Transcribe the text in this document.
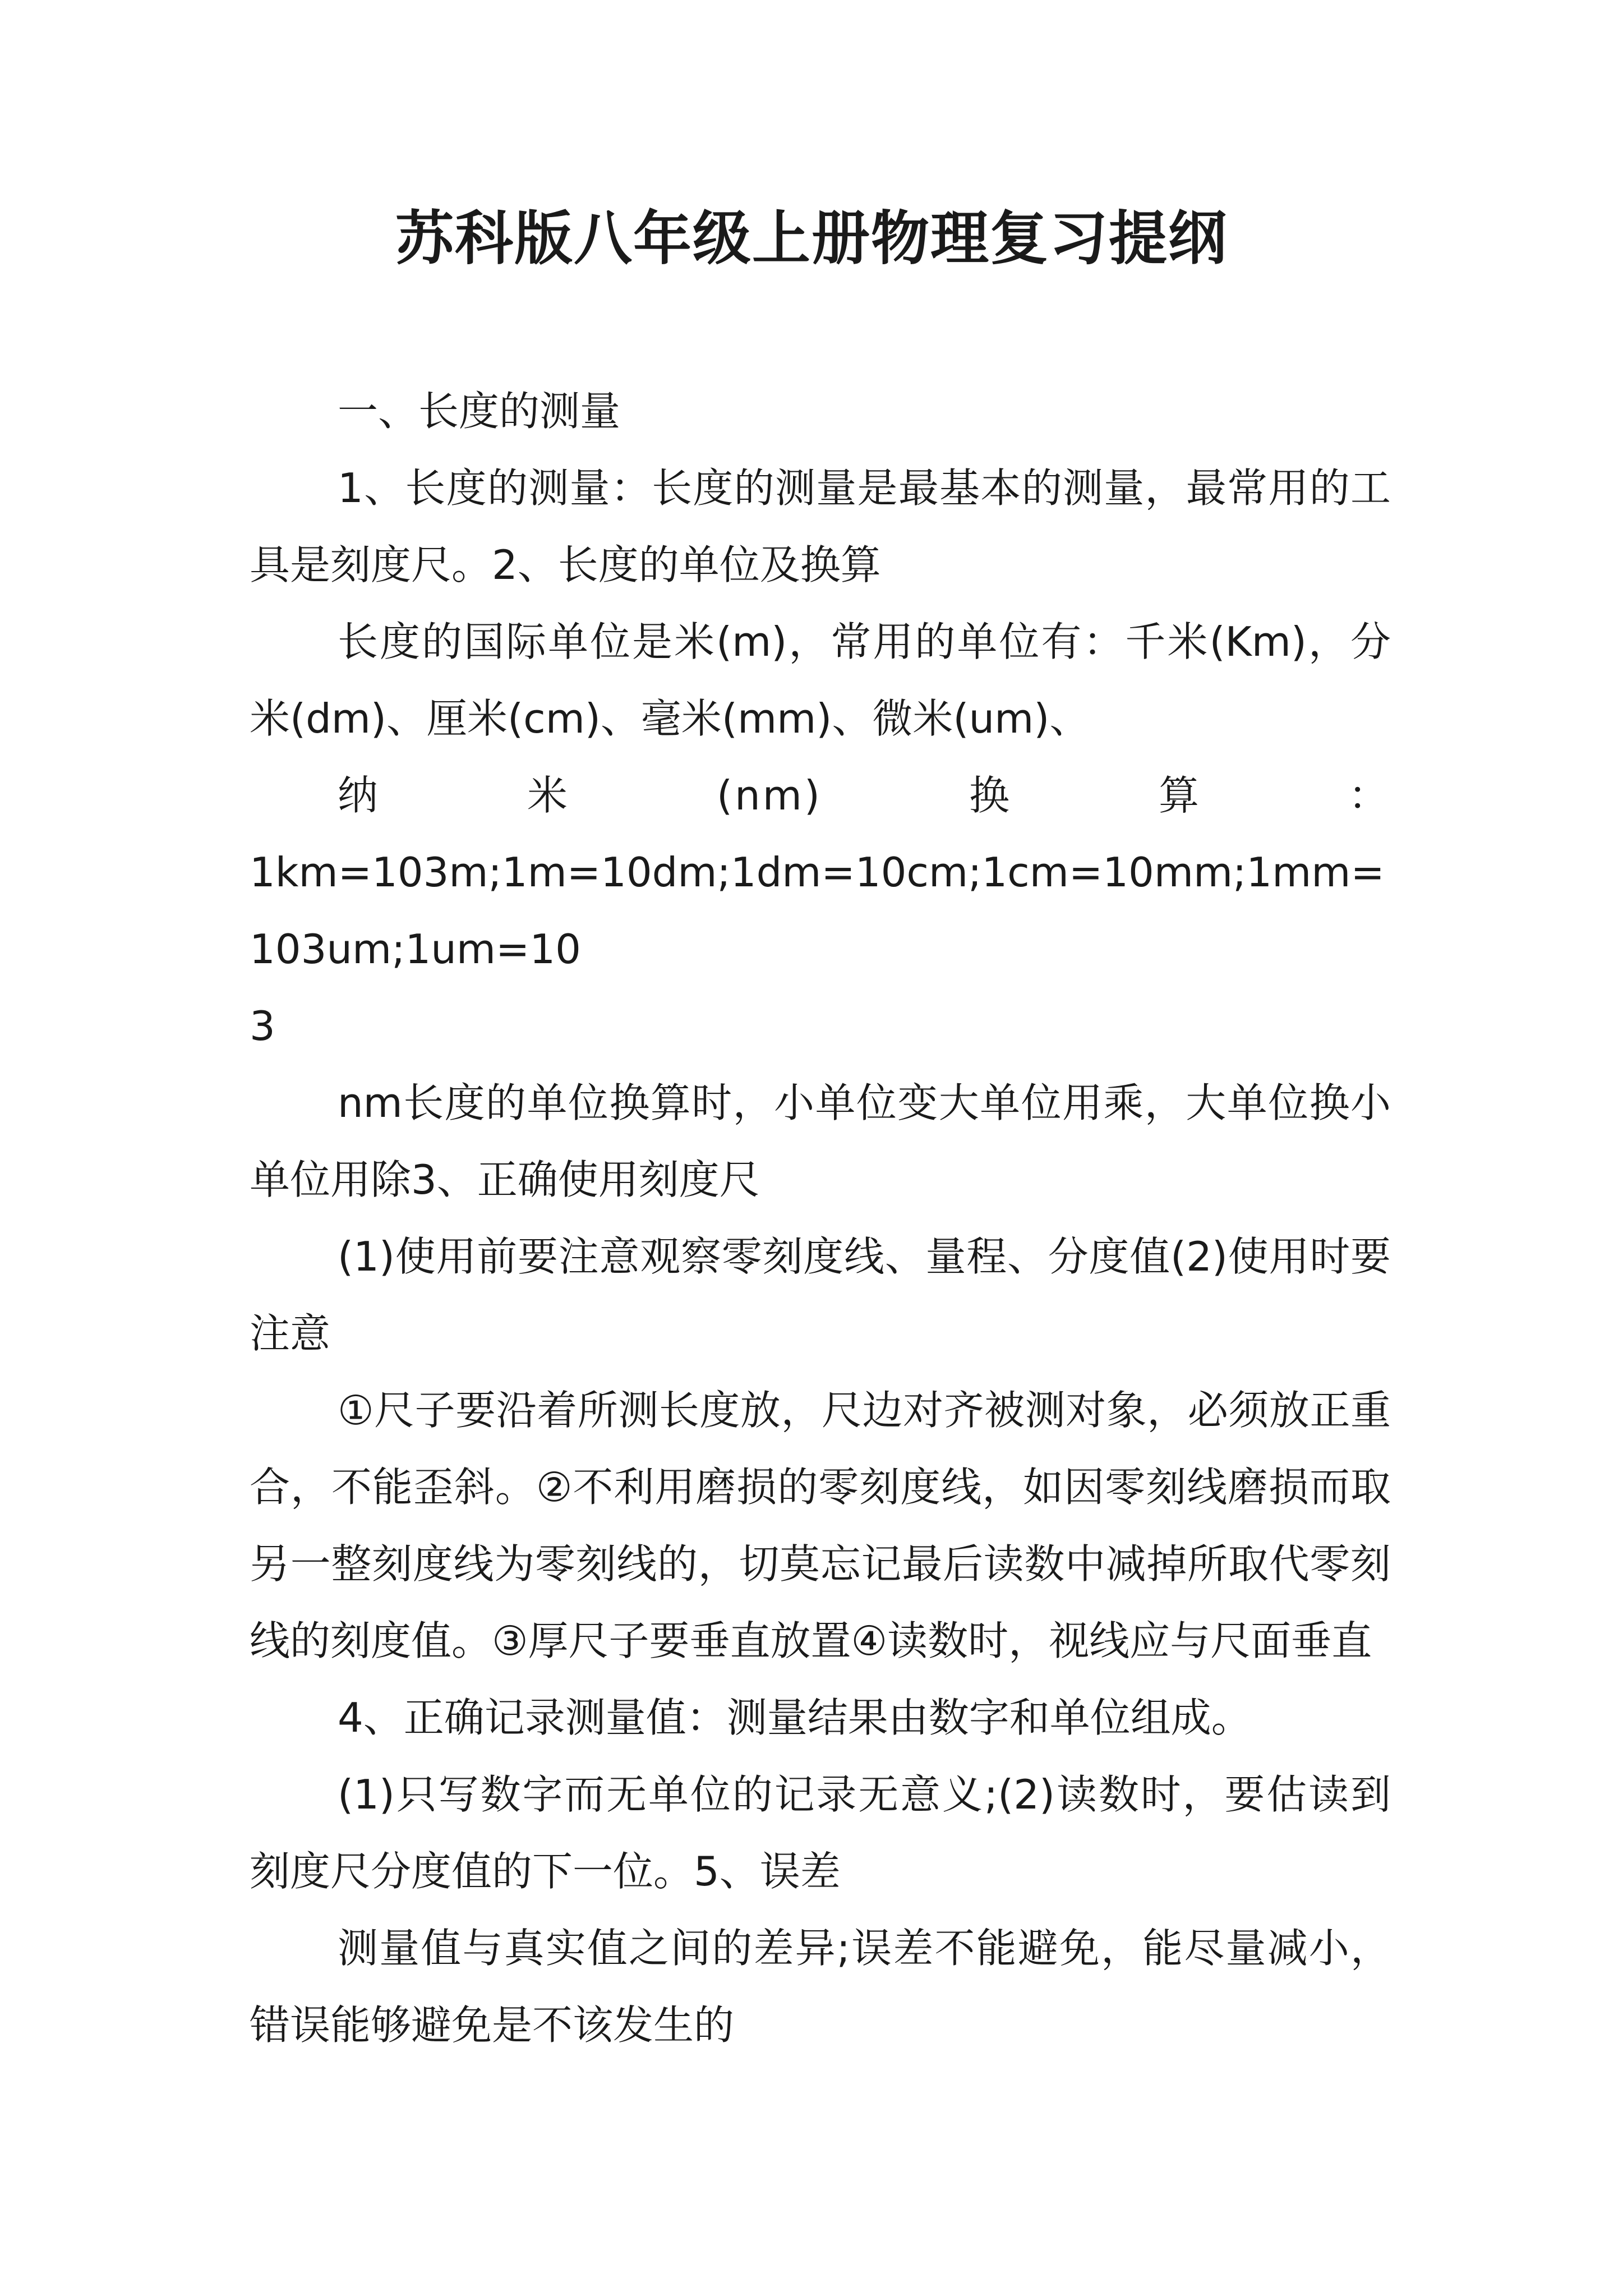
苏科版八年级上册物理复习提纲

一、长度的测量

1、长度的测量：长度的测量是最基本的测量，最常用的工具是刻度尺。2、长度的单位及换算

长度的国际单位是米(m)，常用的单位有：千米(Km)，分米(dm)、厘米(cm)、毫米(mm)、微米(um)、

纳　　米　　(nm)　　换　　算　　：

1km=103m;1m=10dm;1dm=10cm;1cm=10mm;1mm=103um;1um=10

3

nm长度的单位换算时，小单位变大单位用乘，大单位换小单位用除3、正确使用刻度尺

(1)使用前要注意观察零刻度线、量程、分度值(2)使用时要注意

①尺子要沿着所测长度放，尺边对齐被测对象，必须放正重合，不能歪斜。②不利用磨损的零刻度线，如因零刻线磨损而取另一整刻度线为零刻线的，切莫忘记最后读数中减掉所取代零刻线的刻度值。③厚尺子要垂直放置④读数时，视线应与尺面垂直

4、正确记录测量值：测量结果由数字和单位组成。

(1)只写数字而无单位的记录无意义;(2)读数时，要估读到刻度尺分度值的下一位。5、误差

测量值与真实值之间的差异;误差不能避免，能尽量减小，错误能够避免是不该发生的
